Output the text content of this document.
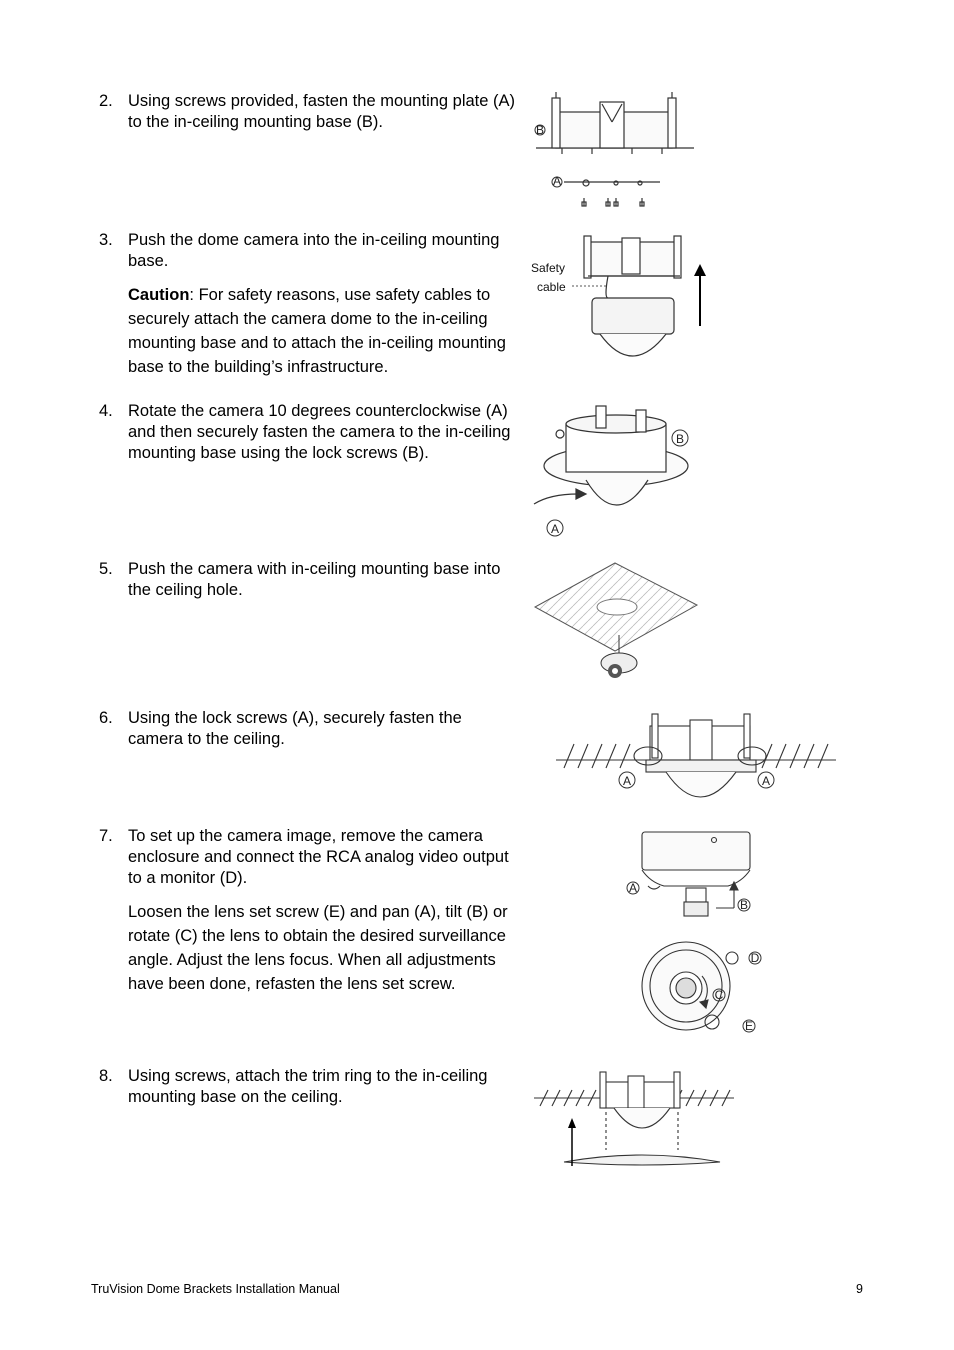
2. Using screws provided, fasten the mounting plate (A) to the in-ceiling mounting base (B).	B
A
3. Push the dome camera into the in-ceiling mounting base.
Caution: For safety reasons, use safety cables to securely attach the camera dome to the in-ceiling mounting base and to attach the in-ceiling mounting base to the building’s infrastructure.
Safety
cable
4. Rotate the camera 10 degrees counterclockwise (A) and then securely fasten the camera to the in-ceiling mounting base using the lock screws (B).
B
A
5. Push the camera with in-ceiling mounting base into the ceiling hole.
6. Using the lock screws (A), securely fasten the camera to the ceiling.
A	A
7. To set up the camera image, remove the camera enclosure and connect the RCA analog video output to a monitor (D).
Loosen the lens set screw (E) and pan (A), tilt (B) or rotate (C) the lens to obtain the desired surveillance angle. Adjust the lens focus. When all adjustments have been done, refasten the lens set screw.
A
B
C
D
E
8. Using screws, attach the trim ring to the in-ceiling mounting base on the ceiling.
TruVision Dome Brackets Installation Manual	9
